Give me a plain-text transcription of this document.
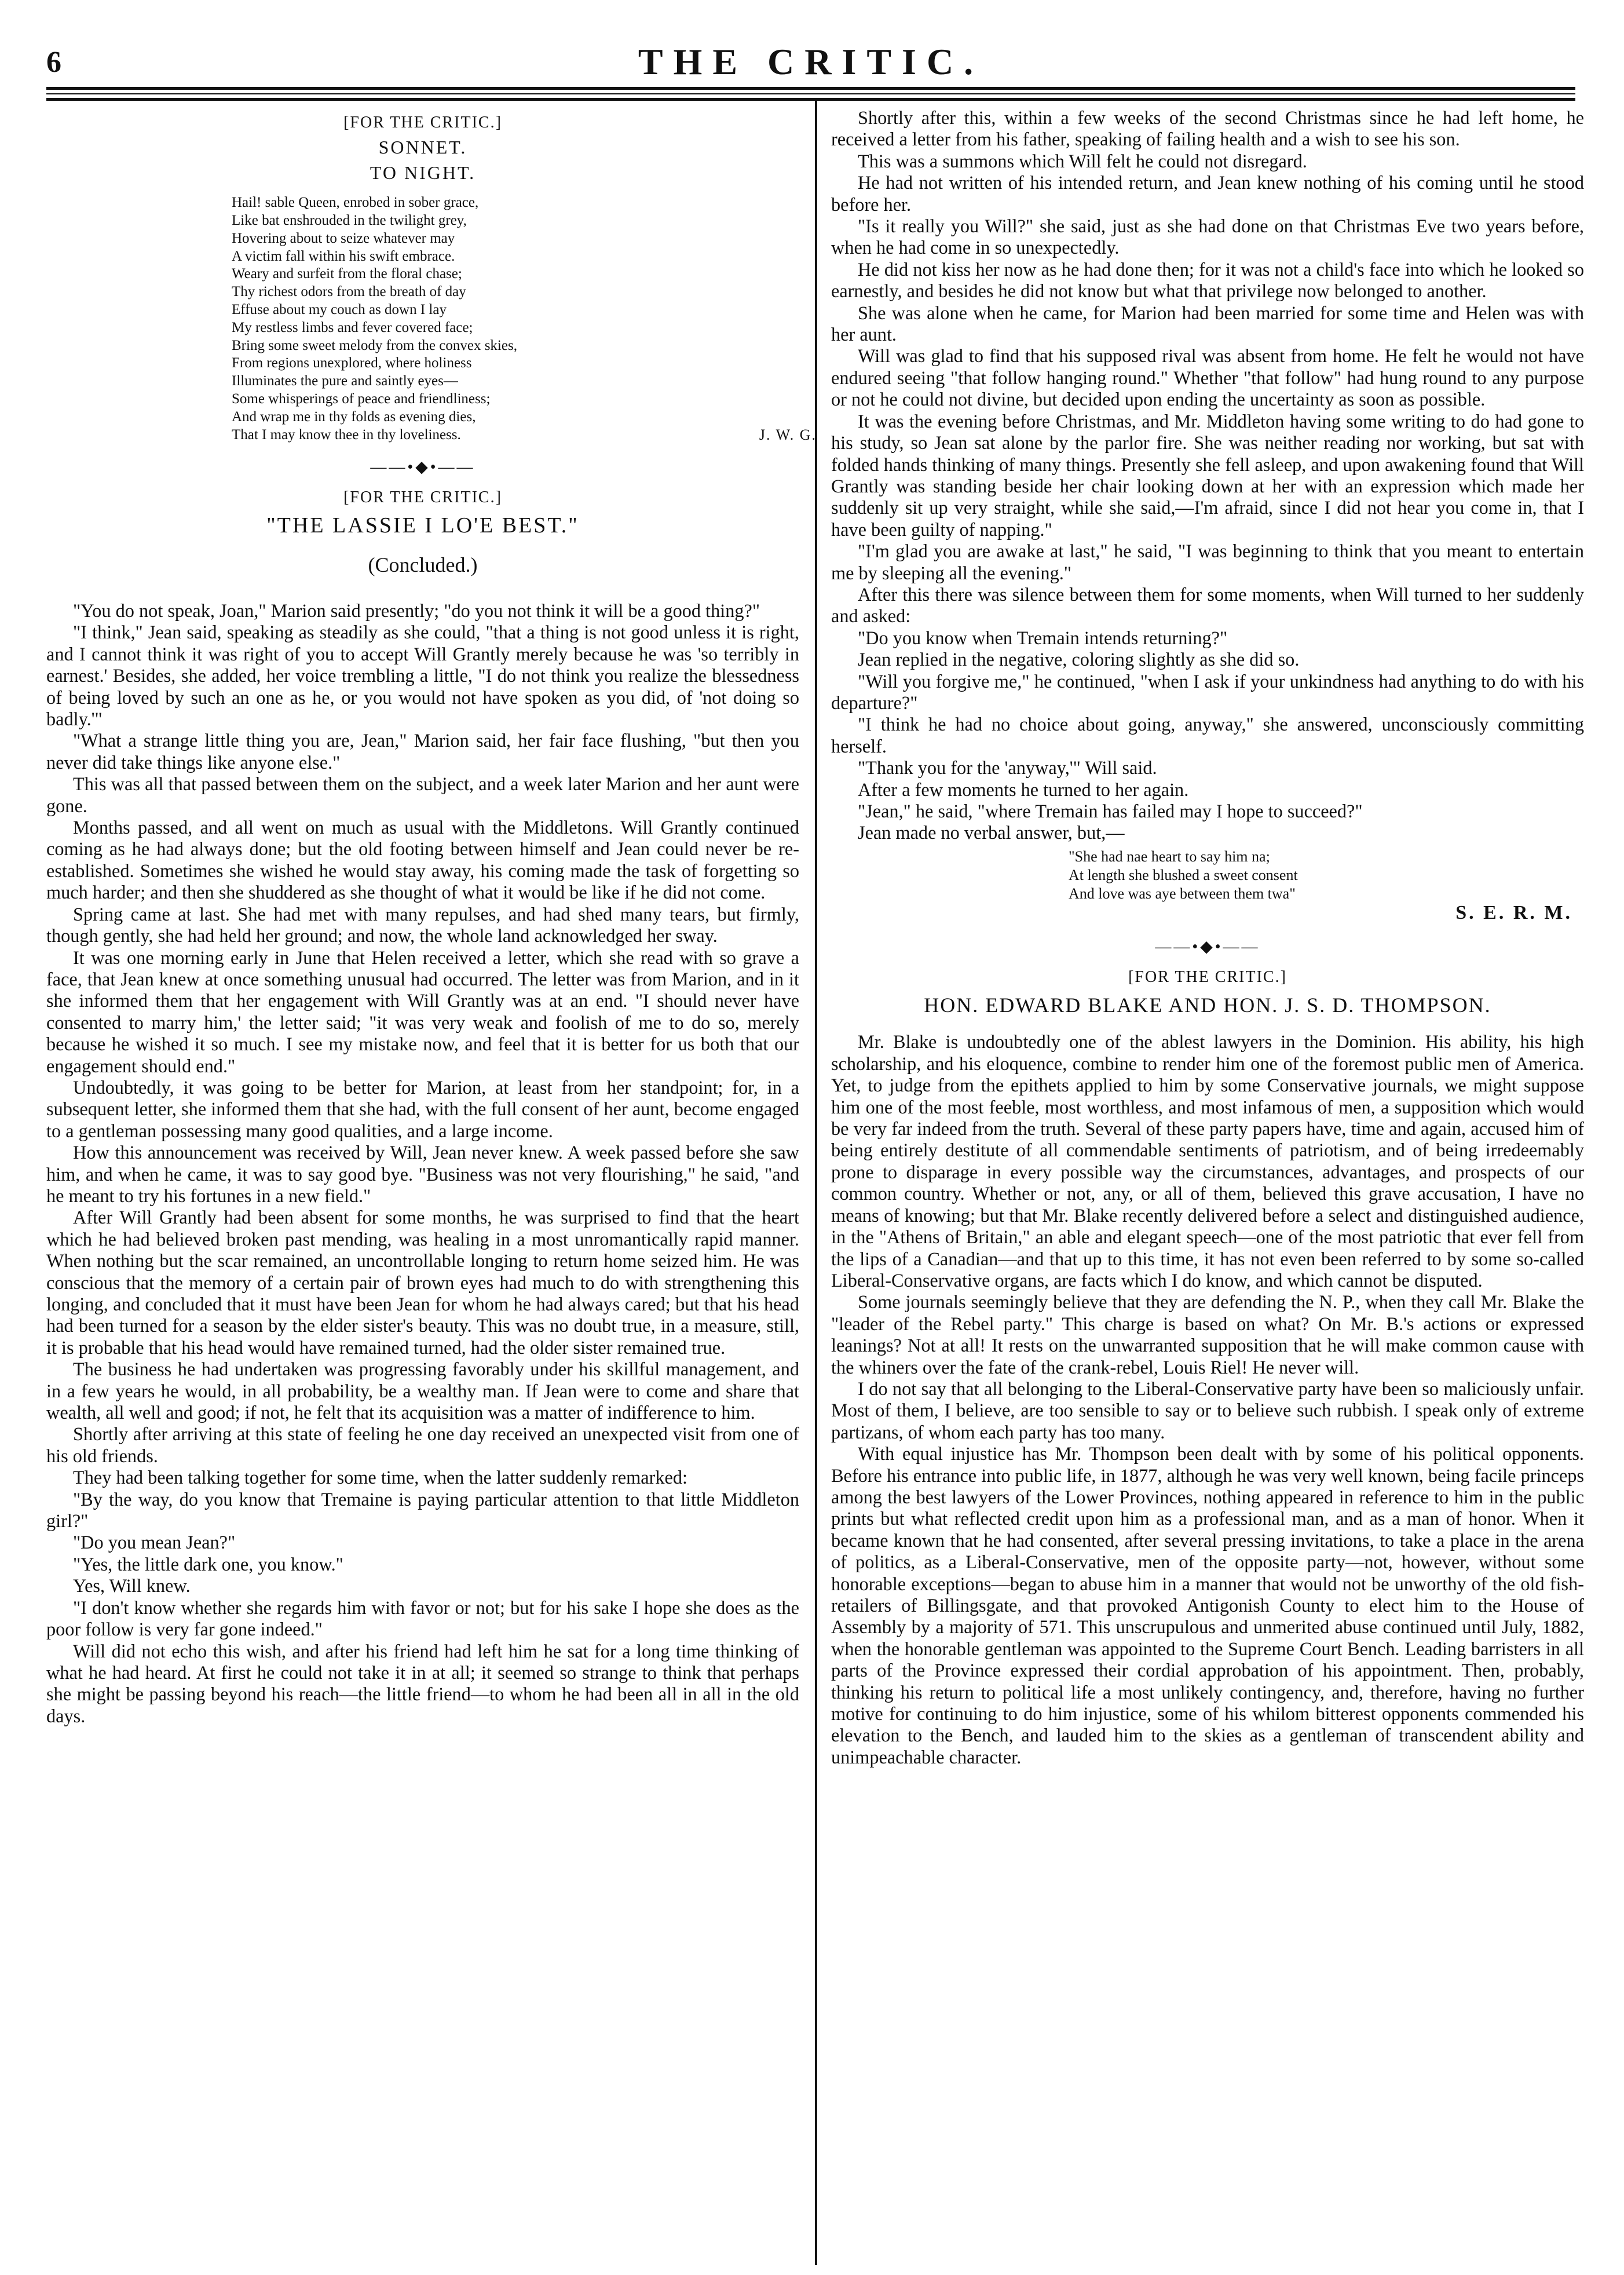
6	THE CRITIC.
[FOR THE CRITIC.]
SONNET.
TO NIGHT.
Hail! sable Queen, enrobed in sober grace,
Like bat enshrouded in the twilight grey,
Hovering about to seize whatever may
A victim fall within his swift embrace.
Weary and surfeit from the floral chase;
Thy richest odors from the breath of day
Effuse about my couch as down I lay
My restless limbs and fever covered face;
Bring some sweet melody from the convex skies,
From regions unexplored, where holiness
Illuminates the pure and saintly eyes—
Some whisperings of peace and friendliness;
And wrap me in thy folds as evening dies,
That I may know thee in thy loveliness.	J. W. G.
——•◆•——
[FOR THE CRITIC.]
"THE LASSIE I LO'E BEST."
(Concluded.)

"You do not speak, Joan," Marion said presently; "do you not think it will be a good thing?"

"I think," Jean said, speaking as steadily as she could, "that a thing is not good unless it is right, and I cannot think it was right of you to accept Will Grantly merely because he was 'so terribly in earnest.' Besides, she added, her voice trembling a little, "I do not think you realize the blessedness of being loved by such an one as he, or you would not have spoken as you did, of 'not doing so badly.'"

"What a strange little thing you are, Jean," Marion said, her fair face flushing, "but then you never did take things like anyone else."

This was all that passed between them on the subject, and a week later Marion and her aunt were gone.

Months passed, and all went on much as usual with the Middletons. Will Grantly continued coming as he had always done; but the old footing between himself and Jean could never be re-established. Sometimes she wished he would stay away, his coming made the task of forgetting so much harder; and then she shuddered as she thought of what it would be like if he did not come.

Spring came at last. She had met with many repulses, and had shed many tears, but firmly, though gently, she had held her ground; and now, the whole land acknowledged her sway.

It was one morning early in June that Helen received a letter, which she read with so grave a face, that Jean knew at once something unusual had occurred. The letter was from Marion, and in it she informed them that her engagement with Will Grantly was at an end. "I should never have consented to marry him,' the letter said; "it was very weak and foolish of me to do so, merely because he wished it so much. I see my mistake now, and feel that it is better for us both that our engagement should end."

Undoubtedly, it was going to be better for Marion, at least from her standpoint; for, in a subsequent letter, she informed them that she had, with the full consent of her aunt, become engaged to a gentleman possessing many good qualities, and a large income.

How this announcement was received by Will, Jean never knew. A week passed before she saw him, and when he came, it was to say good bye. "Business was not very flourishing," he said, "and he meant to try his fortunes in a new field."

After Will Grantly had been absent for some months, he was surprised to find that the heart which he had believed broken past mending, was healing in a most unromantically rapid manner. When nothing but the scar remained, an uncontrollable longing to return home seized him. He was conscious that the memory of a certain pair of brown eyes had much to do with strengthening this longing, and concluded that it must have been Jean for whom he had always cared; but that his head had been turned for a season by the elder sister's beauty. This was no doubt true, in a measure, still, it is probable that his head would have remained turned, had the older sister remained true.

The business he had undertaken was progressing favorably under his skillful management, and in a few years he would, in all probability, be a wealthy man. If Jean were to come and share that wealth, all well and good; if not, he felt that its acquisition was a matter of indifference to him.

Shortly after arriving at this state of feeling he one day received an unexpected visit from one of his old friends.

They had been talking together for some time, when the latter suddenly remarked:

"By the way, do you know that Tremaine is paying particular attention to that little Middleton girl?"

"Do you mean Jean?"

"Yes, the little dark one, you know."

Yes, Will knew.

"I don't know whether she regards him with favor or not; but for his sake I hope she does as the poor follow is very far gone indeed."

Will did not echo this wish, and after his friend had left him he sat for a long time thinking of what he had heard. At first he could not take it in at all; it seemed so strange to think that perhaps she might be passing beyond his reach—the little friend—to whom he had been all in all in the old days.

Shortly after this, within a few weeks of the second Christmas since he had left home, he received a letter from his father, speaking of failing health and a wish to see his son.

This was a summons which Will felt he could not disregard.

He had not written of his intended return, and Jean knew nothing of his coming until he stood before her.

"Is it really you Will?" she said, just as she had done on that Christmas Eve two years before, when he had come in so unexpectedly.

He did not kiss her now as he had done then; for it was not a child's face into which he looked so earnestly, and besides he did not know but what that privilege now belonged to another.

She was alone when he came, for Marion had been married for some time and Helen was with her aunt.

Will was glad to find that his supposed rival was absent from home. He felt he would not have endured seeing "that follow hanging round." Whether "that follow" had hung round to any purpose or not he could not divine, but decided upon ending the uncertainty as soon as possible.

It was the evening before Christmas, and Mr. Middleton having some writing to do had gone to his study, so Jean sat alone by the parlor fire. She was neither reading nor working, but sat with folded hands thinking of many things. Presently she fell asleep, and upon awakening found that Will Grantly was standing beside her chair looking down at her with an expression which made her suddenly sit up very straight, while she said,—I'm afraid, since I did not hear you come in, that I have been guilty of napping."

"I'm glad you are awake at last," he said, "I was beginning to think that you meant to entertain me by sleeping all the evening."

After this there was silence between them for some moments, when Will turned to her suddenly and asked:

"Do you know when Tremain intends returning?"

Jean replied in the negative, coloring slightly as she did so.

"Will you forgive me," he continued, "when I ask if your unkindness had anything to do with his departure?"

"I think he had no choice about going, anyway," she answered, unconsciously committing herself.

"Thank you for the 'anyway,'" Will said.

After a few moments he turned to her again.

"Jean," he said, "where Tremain has failed may I hope to succeed?"

Jean made no verbal answer, but,—

"She had nae heart to say him na;
At length she blushed a sweet consent
And love was aye between them twa"
S. E. R. M.
——•◆•——
[FOR THE CRITIC.]
HON. EDWARD BLAKE AND HON. J. S. D. THOMPSON.

Mr. Blake is undoubtedly one of the ablest lawyers in the Dominion. His ability, his high scholarship, and his eloquence, combine to render him one of the foremost public men of America. Yet, to judge from the epithets applied to him by some Conservative journals, we might suppose him one of the most feeble, most worthless, and most infamous of men, a supposition which would be very far indeed from the truth. Several of these party papers have, time and again, accused him of being entirely destitute of all commendable sentiments of patriotism, and of being irredeemably prone to disparage in every possible way the circumstances, advantages, and prospects of our common country. Whether or not, any, or all of them, believed this grave accusation, I have no means of knowing; but that Mr. Blake recently delivered before a select and distinguished audience, in the "Athens of Britain," an able and elegant speech—one of the most patriotic that ever fell from the lips of a Canadian—and that up to this time, it has not even been referred to by some so-called Liberal-Conservative organs, are facts which I do know, and which cannot be disputed.

Some journals seemingly believe that they are defending the N. P., when they call Mr. Blake the "leader of the Rebel party." This charge is based on what? On Mr. B.'s actions or expressed leanings? Not at all! It rests on the unwarranted supposition that he will make common cause with the whiners over the fate of the crank-rebel, Louis Riel! He never will.

I do not say that all belonging to the Liberal-Conservative party have been so maliciously unfair. Most of them, I believe, are too sensible to say or to believe such rubbish. I speak only of extreme partizans, of whom each party has too many.

With equal injustice has Mr. Thompson been dealt with by some of his political opponents. Before his entrance into public life, in 1877, although he was very well known, being facile princeps among the best lawyers of the Lower Provinces, nothing appeared in reference to him in the public prints but what reflected credit upon him as a professional man, and as a man of honor. When it became known that he had consented, after several pressing invitations, to take a place in the arena of politics, as a Liberal-Conservative, men of the opposite party—not, however, without some honorable exceptions—began to abuse him in a manner that would not be unworthy of the old fish-retailers of Billingsgate, and that provoked Antigonish County to elect him to the House of Assembly by a majority of 571. This unscrupulous and unmerited abuse continued until July, 1882, when the honorable gentleman was appointed to the Supreme Court Bench. Leading barristers in all parts of the Province expressed their cordial approbation of his appointment. Then, probably, thinking his return to political life a most unlikely contingency, and, therefore, having no further motive for continuing to do him injustice, some of his whilom bitterest opponents commended his elevation to the Bench, and lauded him to the skies as a gentleman of transcendent ability and unimpeachable character.
